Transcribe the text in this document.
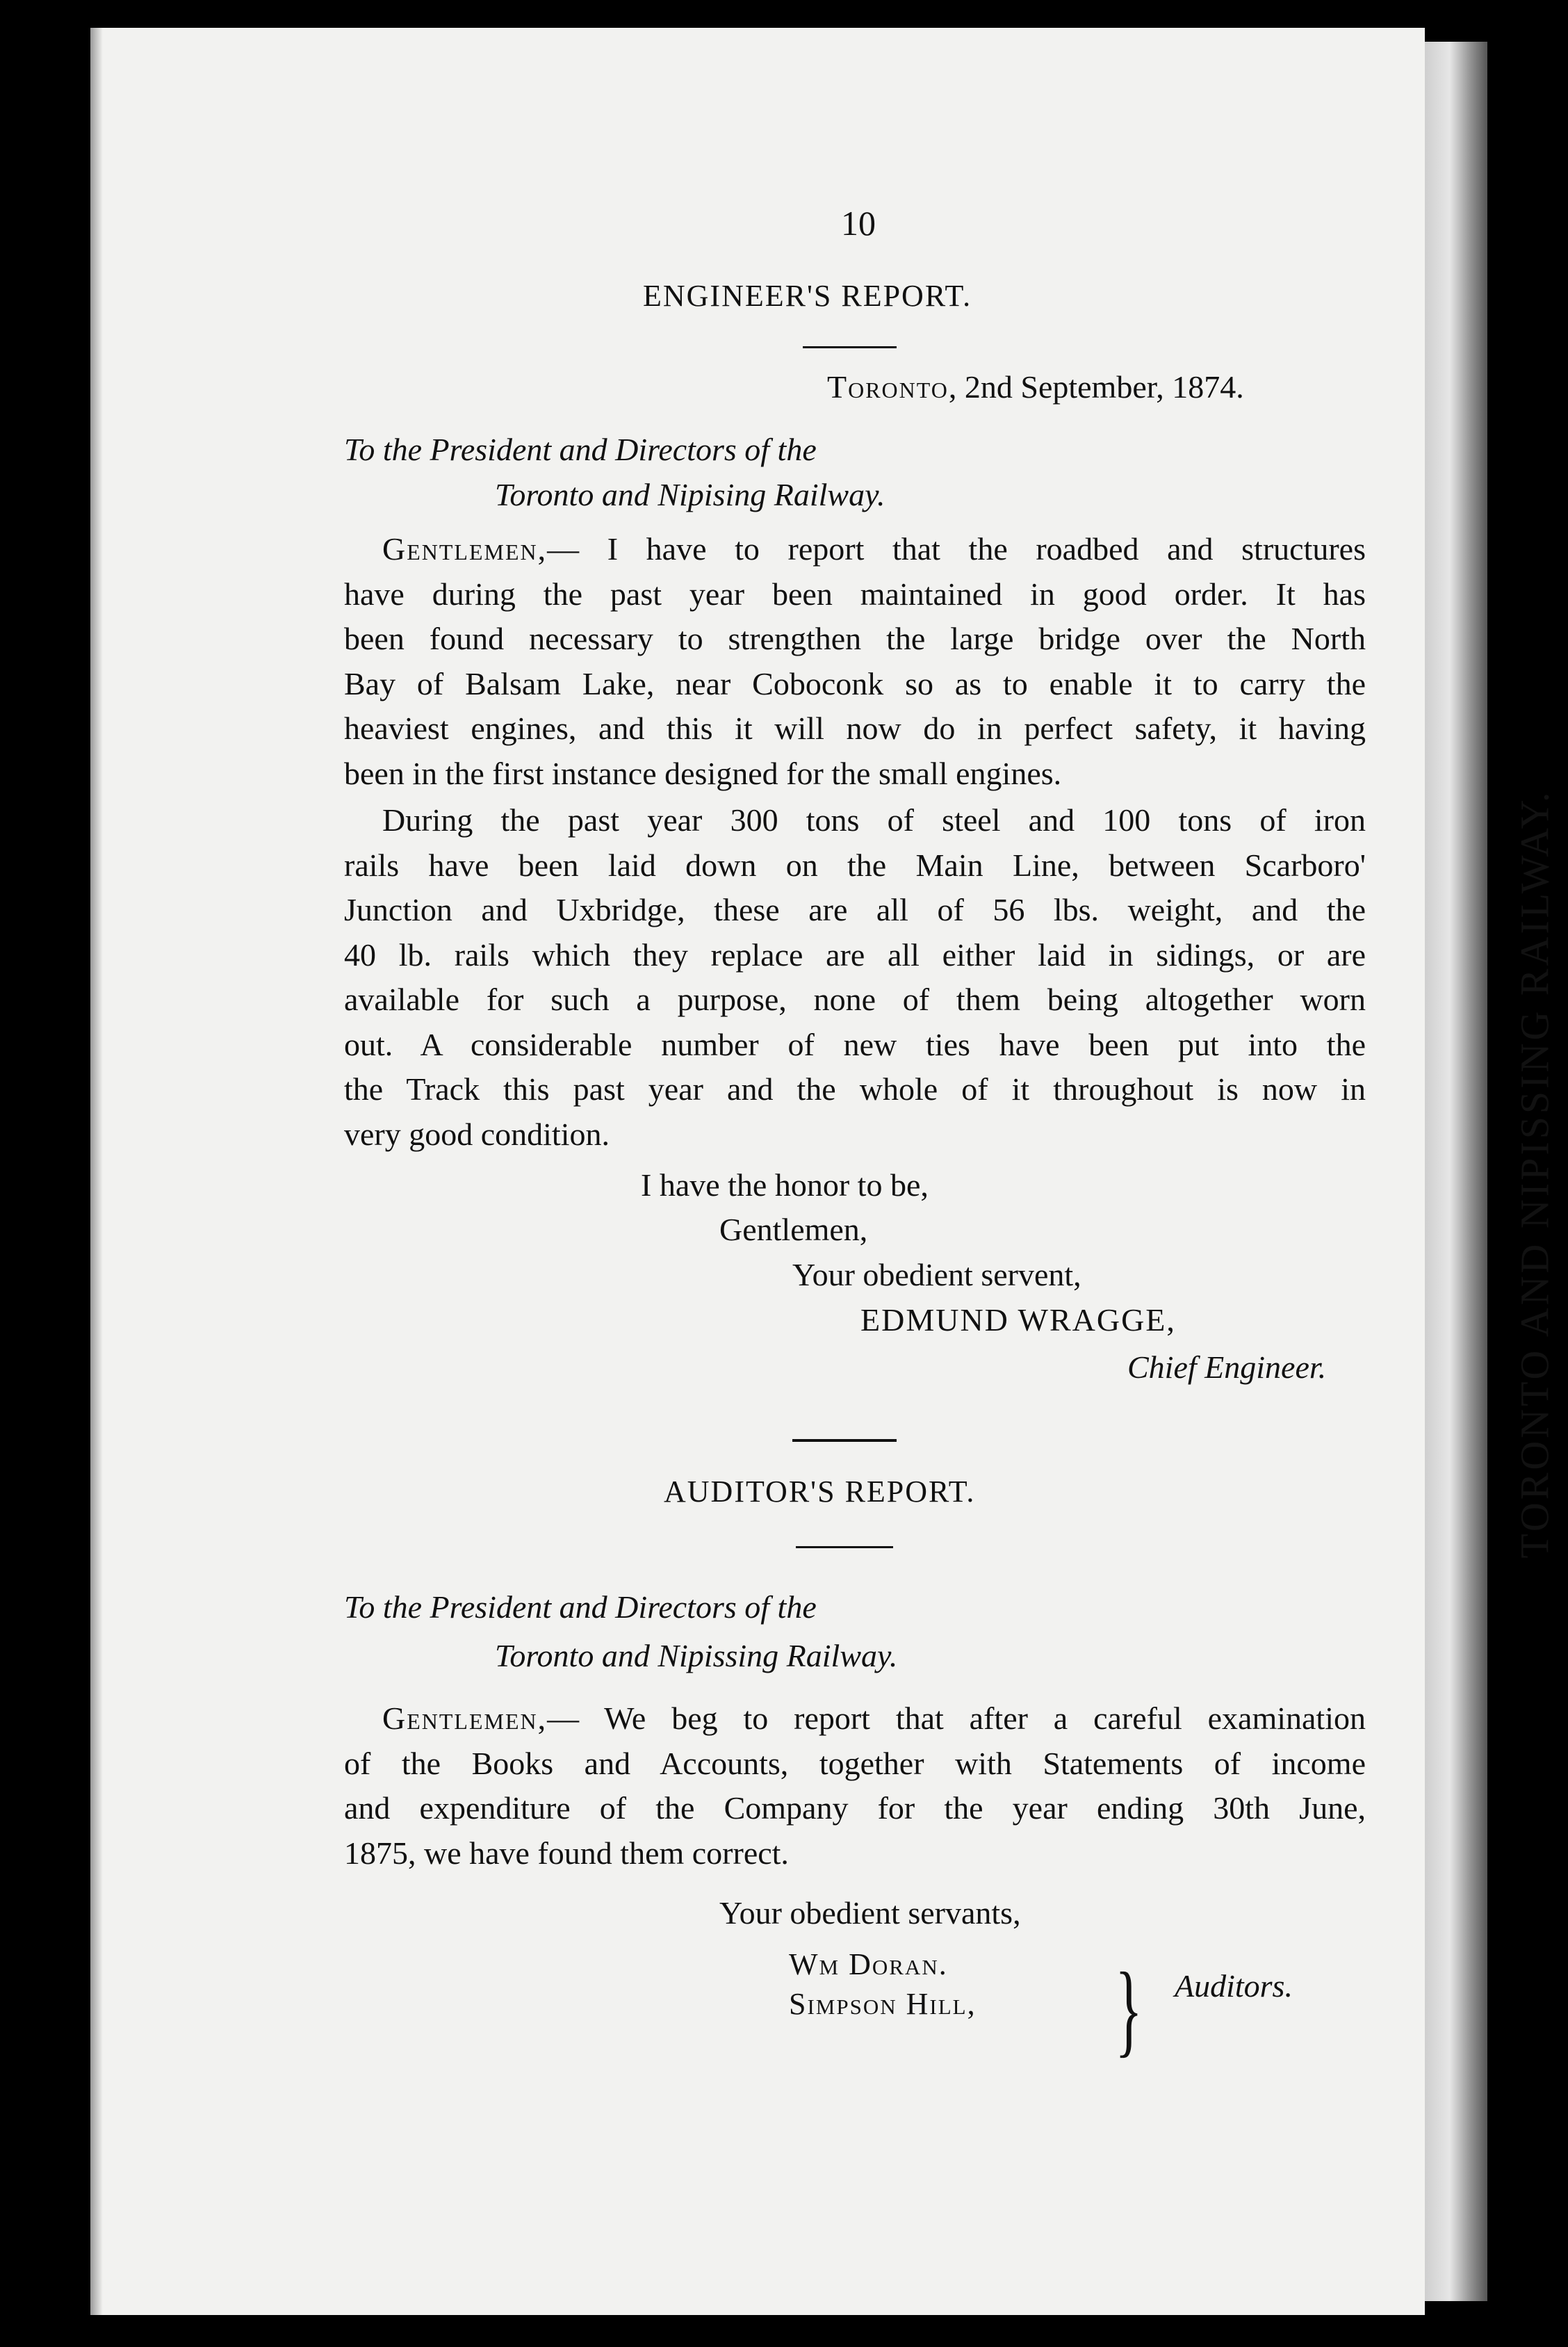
TORONTO AND NIPISSING RAILWAY.
10
ENGINEER'S REPORT.
Toronto, 2nd September, 1874.
To the President and Directors of the
Toronto and Nipising Railway.
Gentlemen,— I have to report that the roadbed and structures
have during the past year been maintained in good order. It has
been found necessary to strengthen the large bridge over the North
Bay of Balsam Lake, near Coboconk so as to enable it to carry the
heaviest engines, and this it will now do in perfect safety, it having
been in the first instance designed for the small engines.
During the past year 300 tons of steel and 100 tons of iron
rails have been laid down on the Main Line, between Scarboro'
Junction and Uxbridge, these are all of 56 lbs. weight, and the
40 lb. rails which they replace are all either laid in sidings, or are
available for such a purpose, none of them being altogether worn
out. A considerable number of new ties have been put into the
the Track this past year and the whole of it throughout is now in
very good condition.
I have the honor to be,
Gentlemen,
Your obedient servent,
EDMUND WRAGGE,
Chief Engineer.
AUDITOR'S REPORT.
To the President and Directors of the
Toronto and Nipissing Railway.
Gentlemen,— We beg to report that after a careful examination
of the Books and Accounts, together with Statements of income
and expenditure of the Company for the year ending 30th June,
1875, we have found them correct.
Your obedient servants,
Wm Doran.
Simpson Hill, } Auditors.
